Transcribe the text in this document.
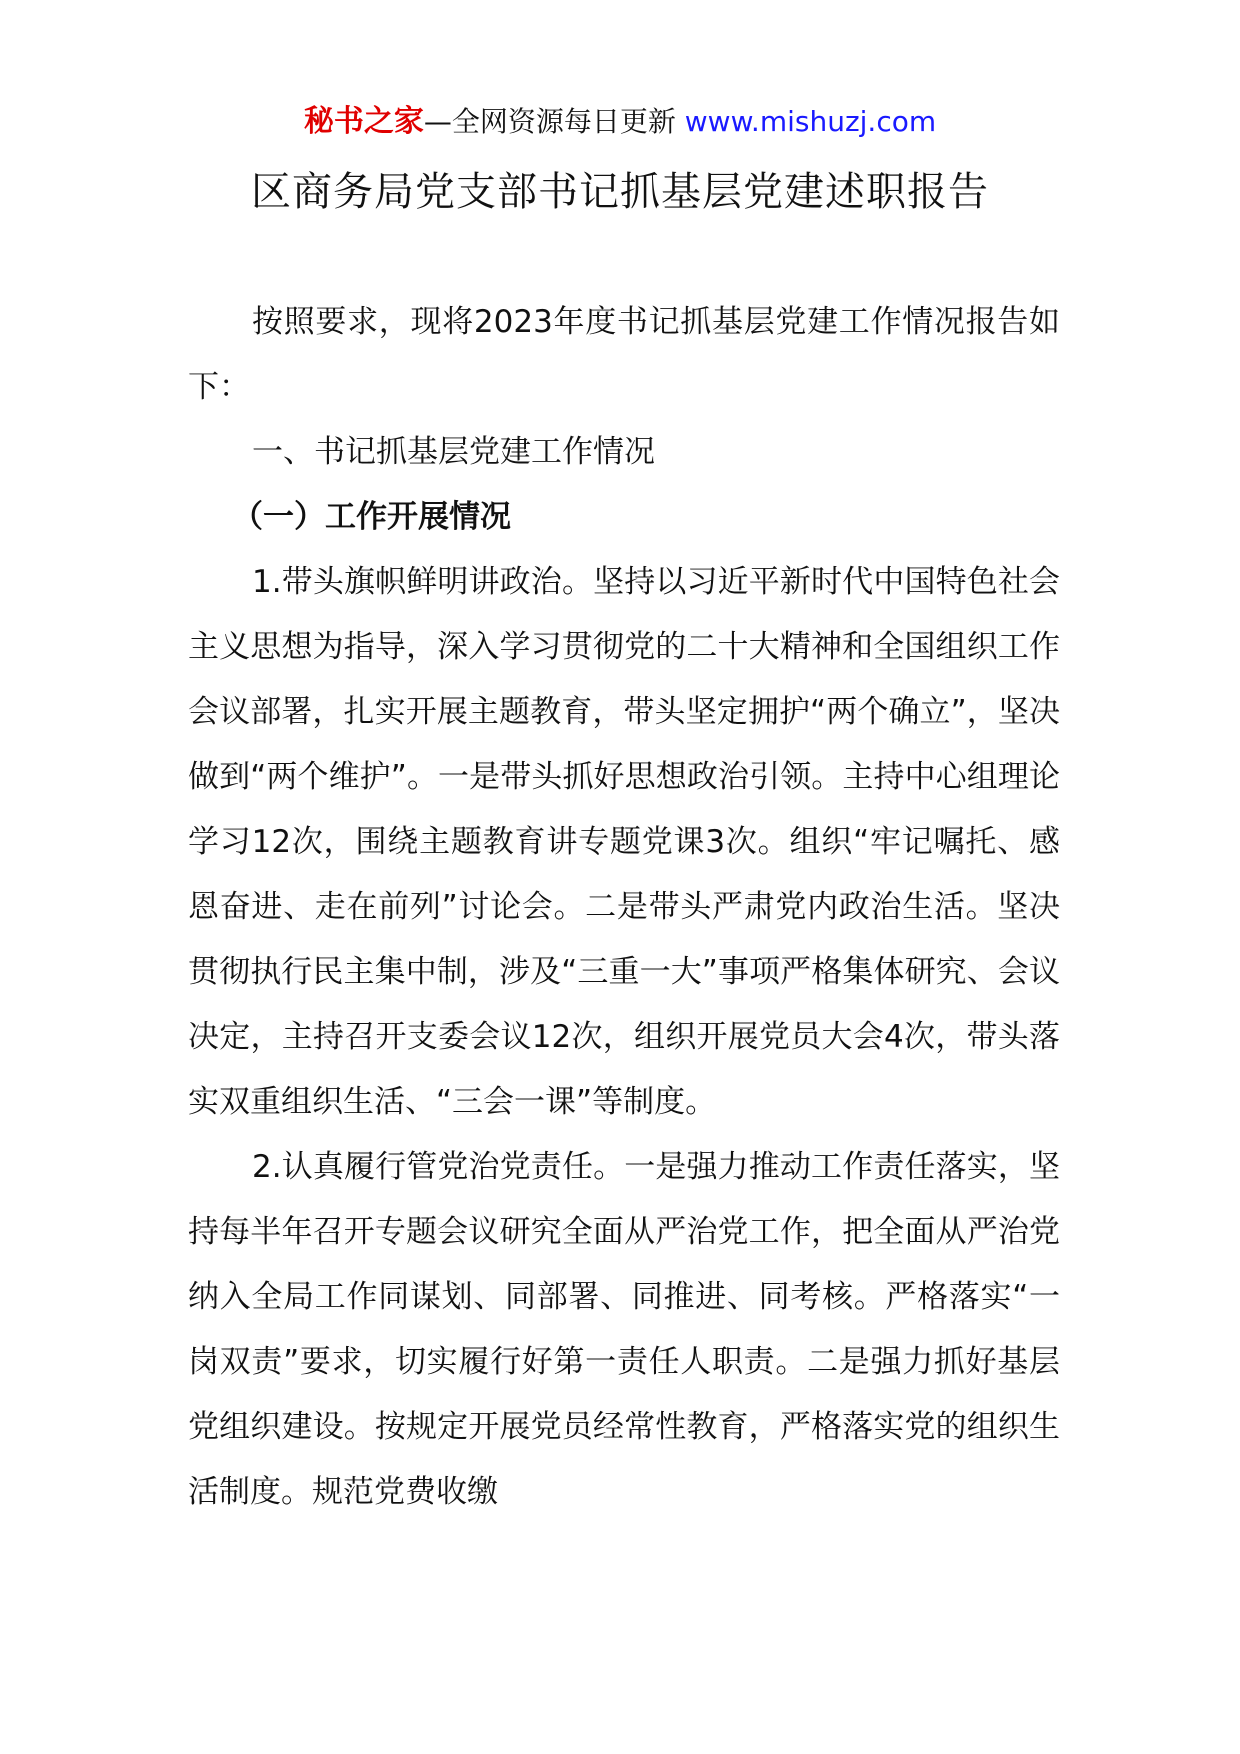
秘书之家—全网资源每日更新 www.mishuzj.com
区商务局党支部书记抓基层党建述职报告

按照要求，现将2023年度书记抓基层党建工作情况报告如下：

一、书记抓基层党建工作情况

（一）工作开展情况

1.带头旗帜鲜明讲政治。坚持以习近平新时代中国特色社会主义思想为指导，深入学习贯彻党的二十大精神和全国组织工作会议部署，扎实开展主题教育，带头坚定拥护“两个确立”，坚决做到“两个维护”。一是带头抓好思想政治引领。主持中心组理论学习12次，围绕主题教育讲专题党课3次。组织“牢记嘱托、感恩奋进、走在前列”讨论会。二是带头严肃党内政治生活。坚决贯彻执行民主集中制，涉及“三重一大”事项严格集体研究、会议决定，主持召开支委会议12次，组织开展党员大会4次，带头落实双重组织生活、“三会一课”等制度。

2.认真履行管党治党责任。一是强力推动工作责任落实，坚持每半年召开专题会议研究全面从严治党工作，把全面从严治党纳入全局工作同谋划、同部署、同推进、同考核。严格落实“一岗双责”要求，切实履行好第一责任人职责。二是强力抓好基层党组织建设。按规定开展党员经常性教育，严格落实党的组织生活制度。规范党费收缴
